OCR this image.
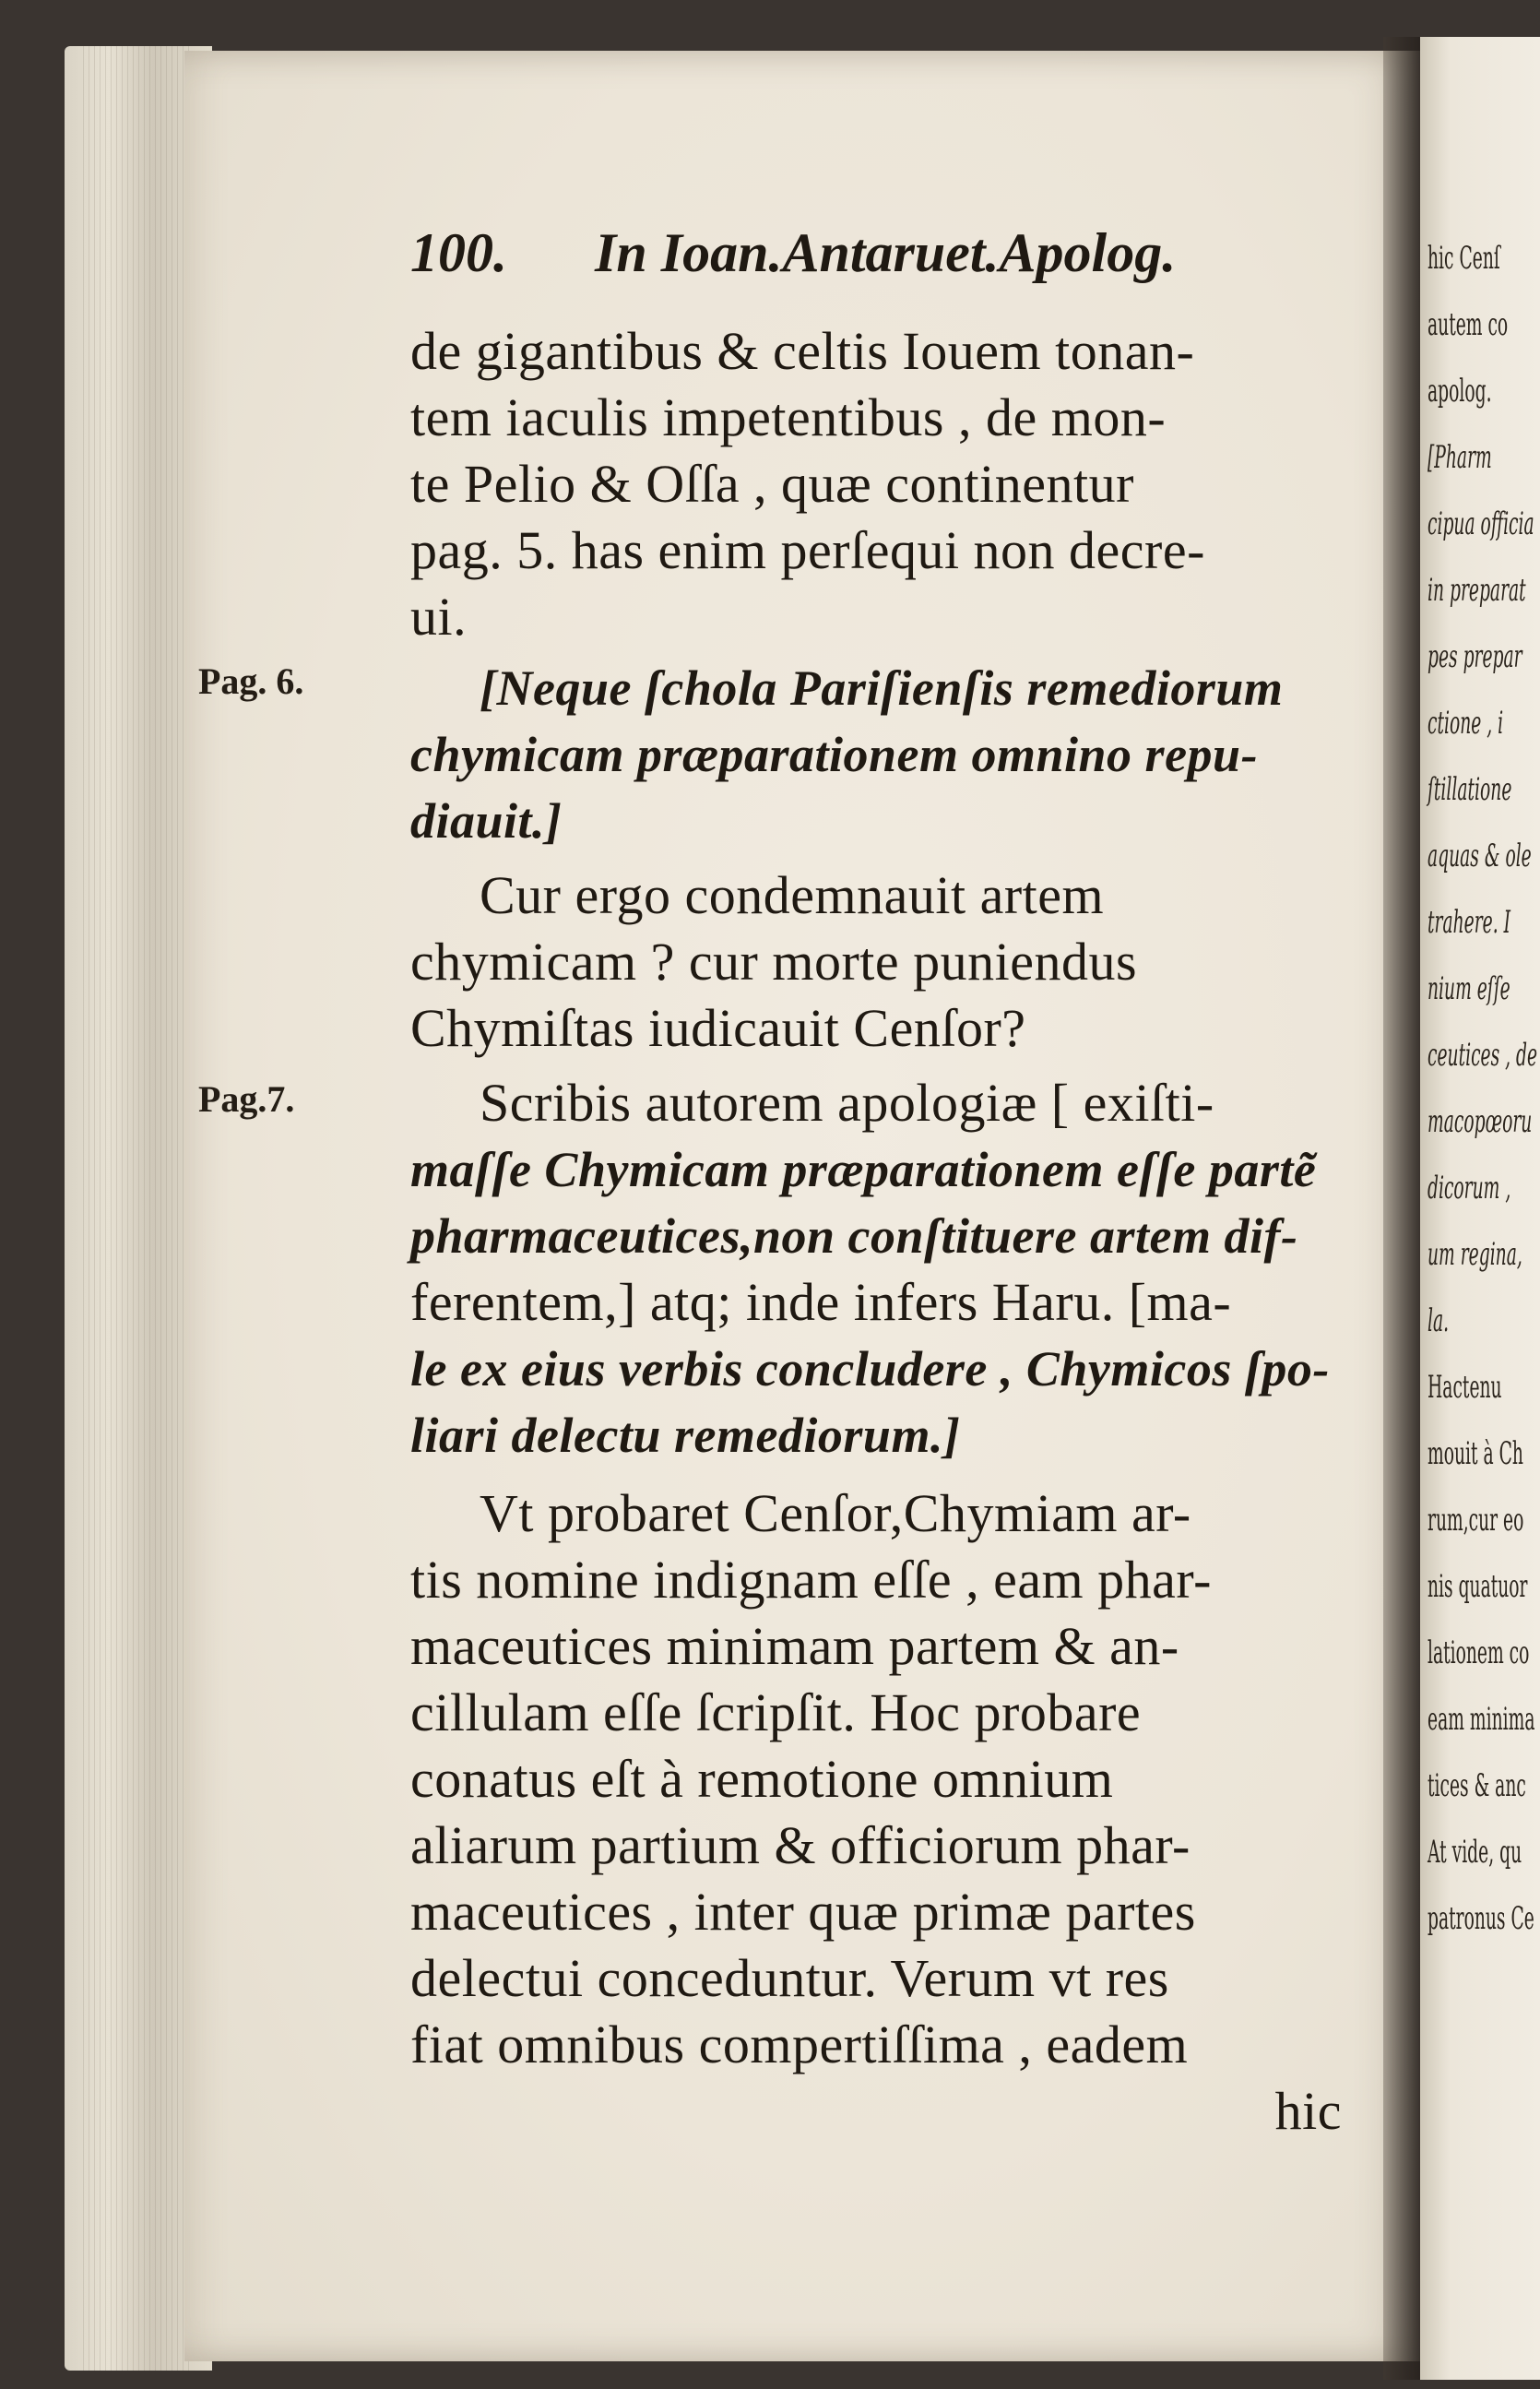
hic Cenſ
autem co
apolog.
[Pharm
cipua officia
in preparat
pes prepar
ctione , i
ſtillatione
aquas & ole
trahere. I
nium eſſe
ceutices , de
macopœoru
dicorum ,
um regina,
la.
Hactenu
mouit à Ch
rum,cur eo
nis quatuor
lationem co
eam minima
tices & anc
At vide, qu
patronus Ce
100. In Ioan.Antaruet.Apolog.
Pag. 6.
Pag.7.
de gigantibus & celtis Iouem tonan-
tem iaculis impetentibus , de mon-
te Pelio & Oſſa , quæ continentur
pag. 5. has enim perſequi non decre-
ui.
[Neque ſchola Pariſienſis remediorum
chymicam præparationem omnino repu-
diauit.]
Cur ergo condemnauit artem
chymicam ? cur morte puniendus
Chymiſtas iudicauit Cenſor?
Scribis autorem apologiæ [ exiſti-
maſſe Chymicam præparationem eſſe partẽ
pharmaceutices,non conſtituere artem dif-
ferentem,] atq; inde infers Haru. [ma-
le ex eius verbis concludere , Chymicos ſpo-
liari delectu remediorum.]
Vt probaret Cenſor,Chymiam ar-
tis nomine indignam eſſe , eam phar-
maceutices minimam partem & an-
cillulam eſſe ſcripſit. Hoc probare
conatus eſt à remotione omnium
aliarum partium & officiorum phar-
maceutices , inter quæ primæ partes
delectui conceduntur. Verum vt res
fiat omnibus compertiſſima , eadem
hic
